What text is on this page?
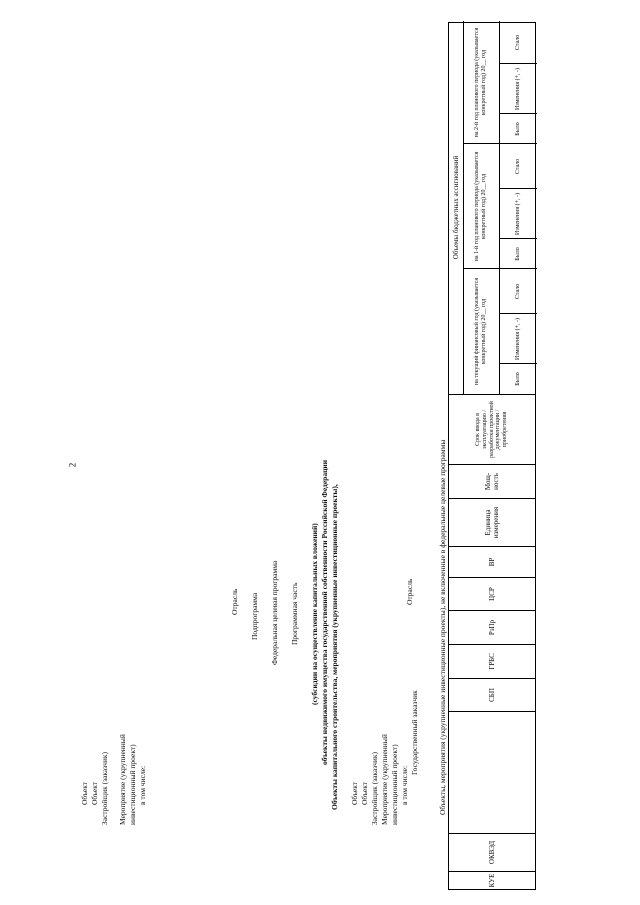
2
КУЕ
ОКВЭД
СБП
ГРБС
РзПр
ЦСР
ВР
Единица измерения
Мощ-ность
Срок ввода в эксплуатацию / разработки проектной документации / приобретения
Объемы бюджетных ассигнований
на текущий финансовый год (указывается конкретный год) 20__ год
на 1-й год планового периода (указывается конкретный год) 20__ год
на 2-й год планового периода (указывается конкретный год) 20__ год
Было
Изменения (+, -)
Стало
Было
Изменения (+, -)
Стало
Было
Изменения (+, -)
Стало
Объекты, мероприятия (укрупненные инвестиционные проекты), не включенные в федеральные целевые программы
Отрасль
Мероприятие (укрупненный инвестиционный проект) в том числе:
Государственный заказчик
Застройщик (заказчик)
Объект
Объект
Объекты капитального строительства, мероприятия (укрупненные инвестиционные проекты),
объекты недвижимого имущества государственной собственности Российской Федерации
(субсидии на осуществление капитальных вложений)
Программная часть
Федеральная целевая программа
Подпрограмма
Отрасль
Мероприятие (укрупненный инвестиционный проект) в том числе:
Застройщик (заказчик)
Объект
Объект
